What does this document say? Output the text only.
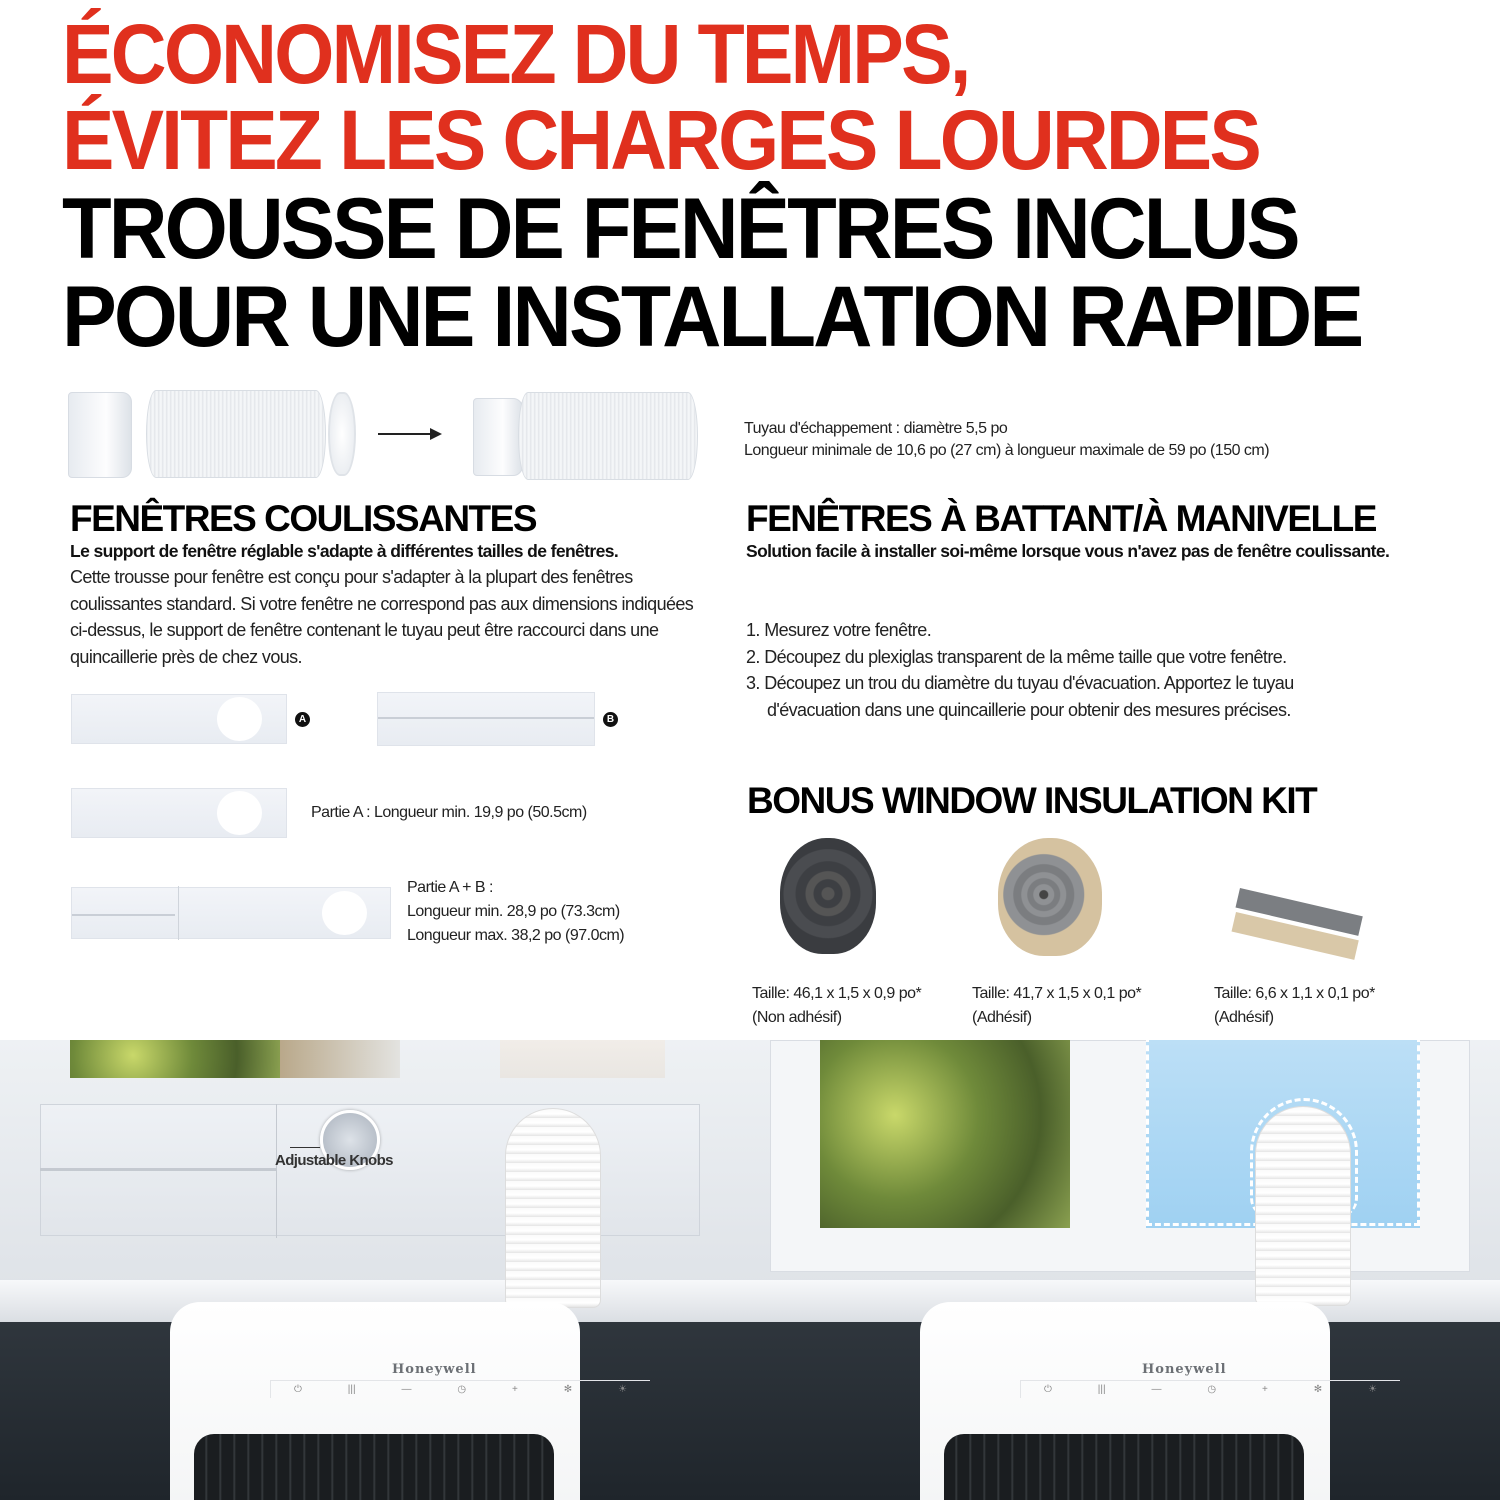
ÉCONOMISEZ DU TEMPS,
ÉVITEZ LES CHARGES LOURDES
TROUSSE DE FENÊTRES INCLUS
POUR UNE INSTALLATION RAPIDE
Tuyau d'échappement : diamètre 5,5 po
Longueur minimale de 10,6 po (27 cm) à longueur maximale de 59 po (150 cm)
FENÊTRES COULISSANTES
Le support de fenêtre réglable s'adapte à différentes tailles de fenêtres.
Cette trousse pour fenêtre est conçu pour s'adapter à la plupart des fenêtres coulissantes standard. Si votre fenêtre ne correspond pas aux dimensions indiquées ci-dessus, le support de fenêtre contenant le tuyau peut être raccourci dans une quincaillerie près de chez vous.
A	B
Partie A : Longueur min. 19,9 po (50.5cm)
Partie A + B :
Longueur min. 28,9 po (73.3cm)
Longueur max. 38,2 po (97.0cm)
FENÊTRES À BATTANT/À MANIVELLE
Solution facile à installer soi-même lorsque vous n'avez pas de fenêtre coulissante.
1. Mesurez votre fenêtre.
2. Découpez du plexiglas transparent de la même taille que votre fenêtre.
3. Découpez un trou du diamètre du tuyau d'évacuation. Apportez le tuyau
d'évacuation dans une quincaillerie pour obtenir des mesures précises.
BONUS WINDOW INSULATION KIT
Taille: 46,1 x 1,5 x 0,9 po*
(Non adhésif)
Taille: 41,7 x 1,5 x 0,1 po*
(Adhésif)
Taille: 6,6 x 1,1 x 0,1 po*
(Adhésif)
Adjustable Knobs
Honeywell
⏻	|||	—	◷	+	✻	☀
Honeywell
⏻	|||	—	◷	+	✻	☀
